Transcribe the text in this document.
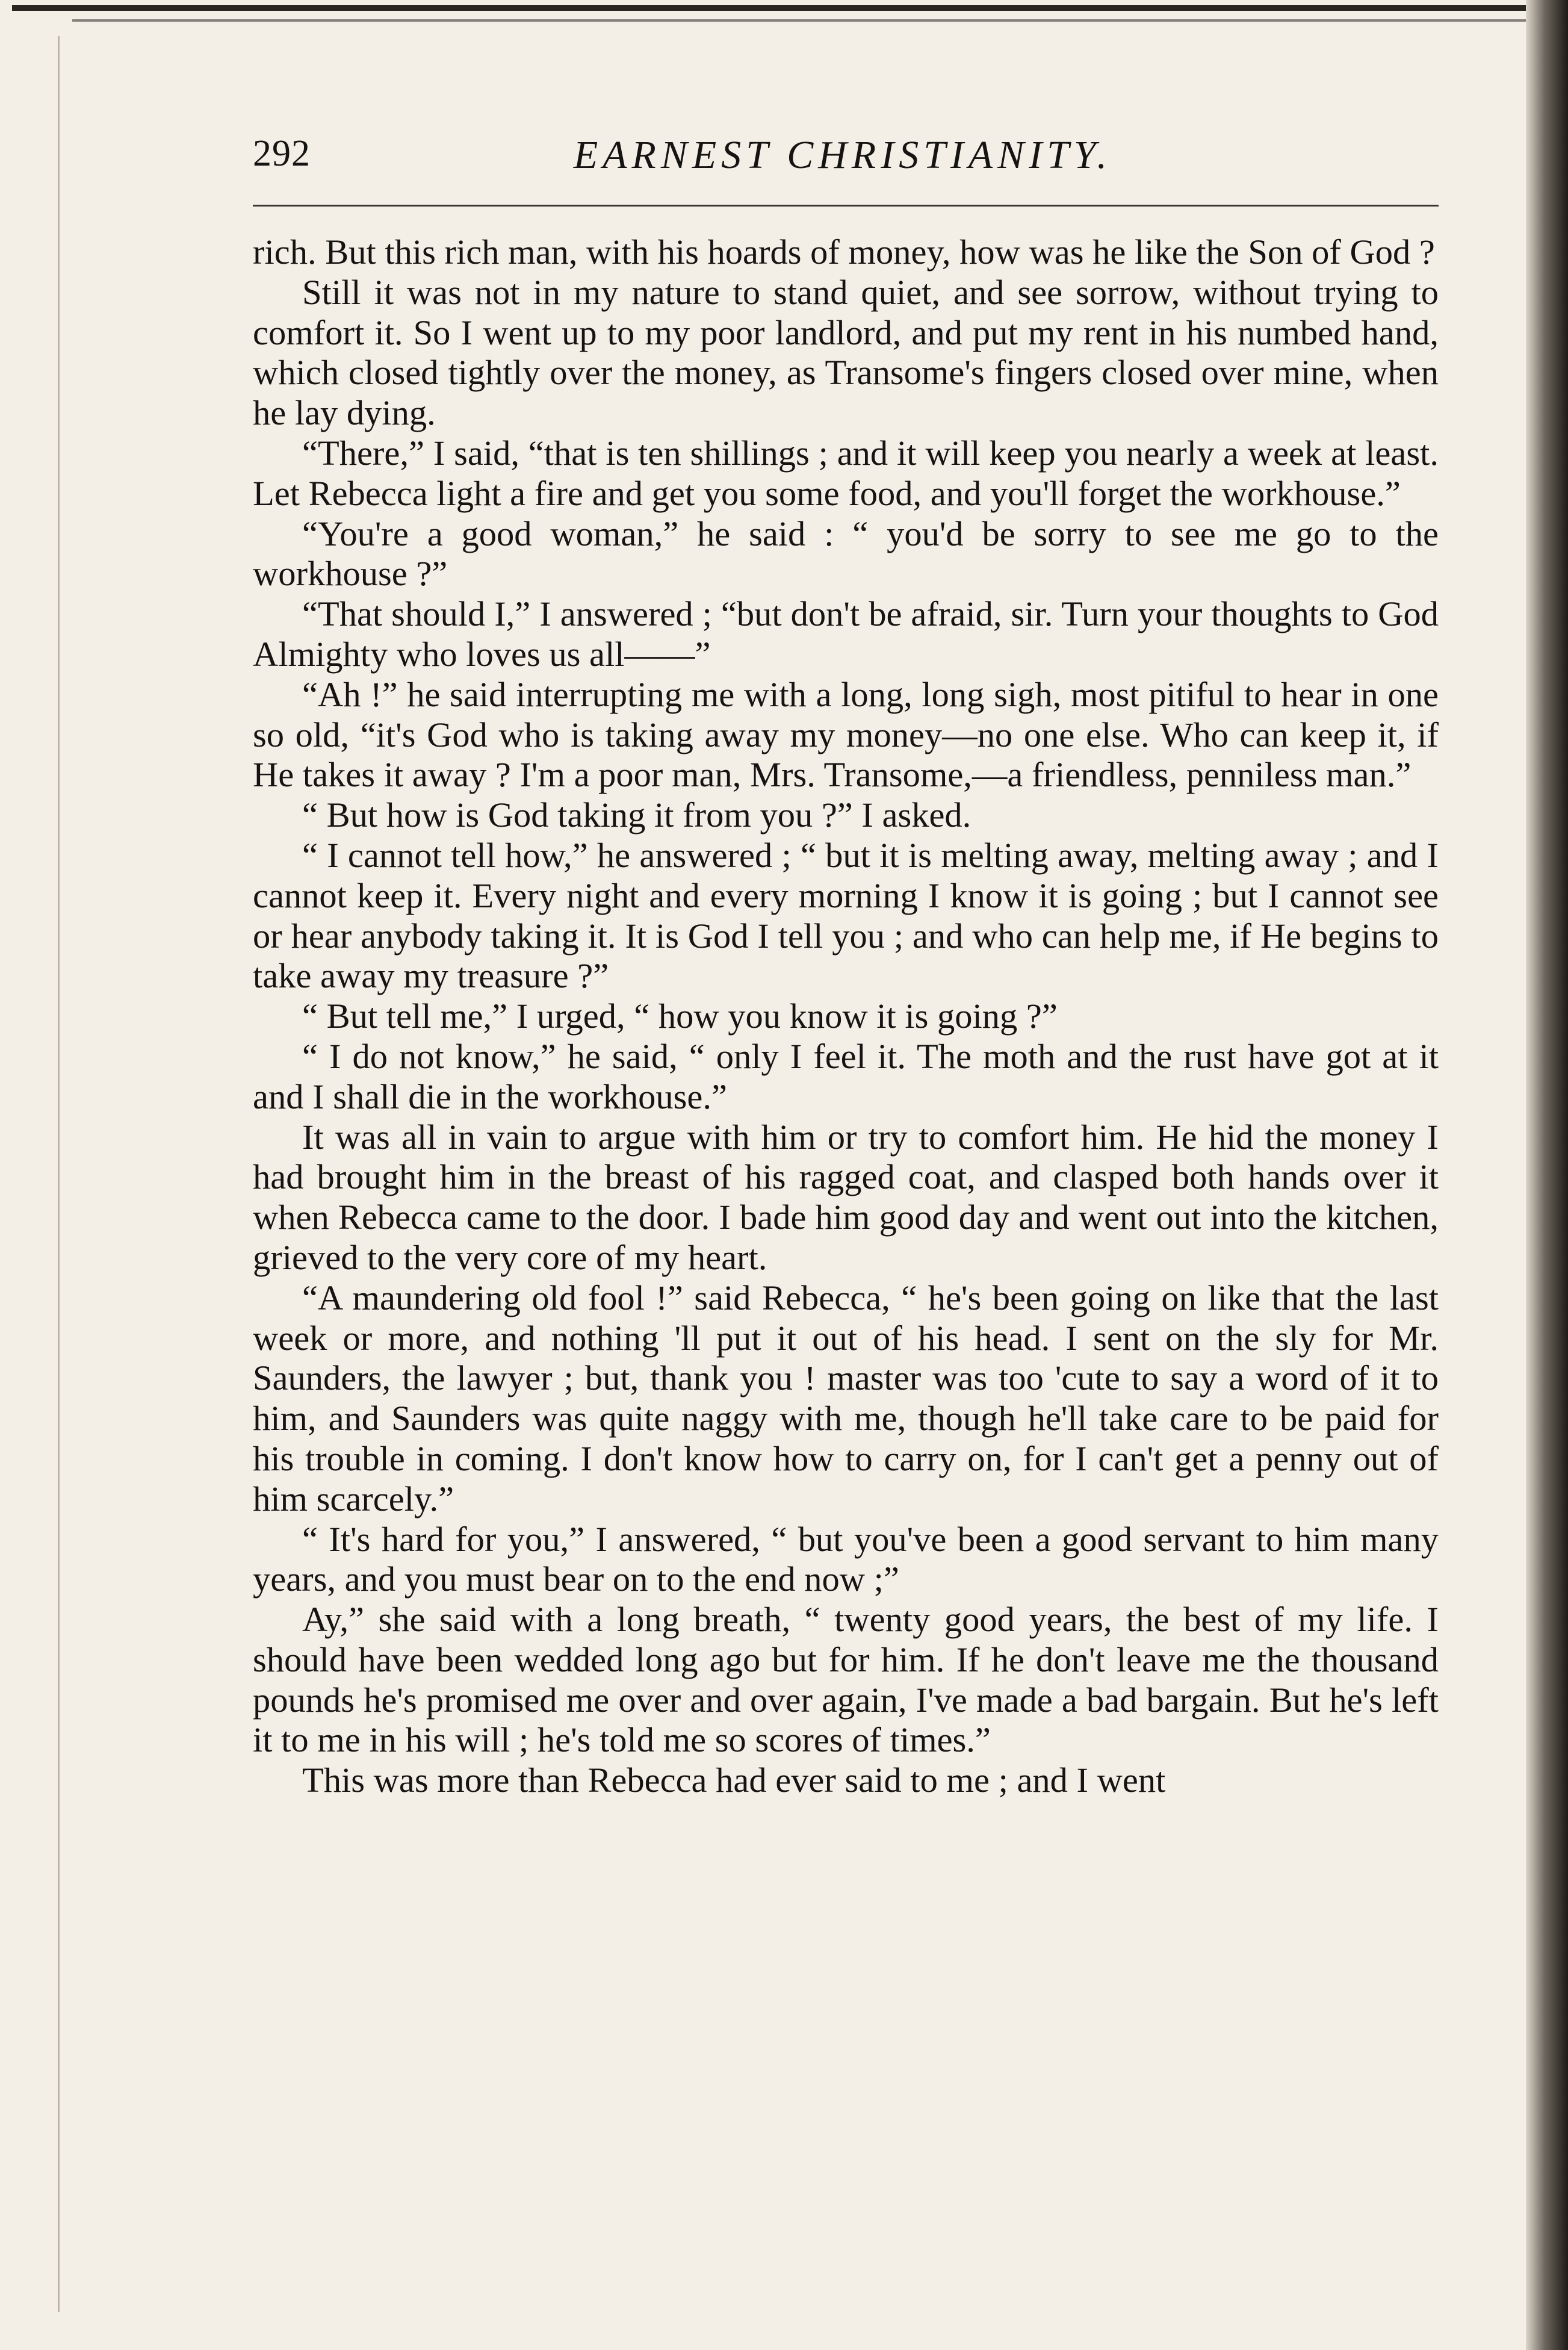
292	EARNEST CHRISTIANITY.

rich. But this rich man, with his hoards of money, how was he like the Son of God ?

Still it was not in my nature to stand quiet, and see sorrow, without trying to comfort it. So I went up to my poor landlord, and put my rent in his numbed hand, which closed tightly over the money, as Transome's fingers closed over mine, when he lay dying.

“There,” I said, “that is ten shillings ; and it will keep you nearly a week at least. Let Rebecca light a fire and get you some food, and you'll forget the workhouse.”

“You're a good woman,” he said : “ you'd be sorry to see me go to the workhouse ?”

“That should I,” I answered ; “but don't be afraid, sir. Turn your thoughts to God Almighty who loves us all——”

“Ah !” he said interrupting me with a long, long sigh, most pitiful to hear in one so old, “it's God who is taking away my money—no one else. Who can keep it, if He takes it away ? I'm a poor man, Mrs. Transome,—a friendless, penniless man.”

“ But how is God taking it from you ?” I asked.

“ I cannot tell how,” he answered ; “ but it is melting away, melting away ; and I cannot keep it. Every night and every morning I know it is going ; but I cannot see or hear anybody taking it. It is God I tell you ; and who can help me, if He begins to take away my treasure ?”

“ But tell me,” I urged, “ how you know it is going ?”

“ I do not know,” he said, “ only I feel it. The moth and the rust have got at it and I shall die in the workhouse.”

It was all in vain to argue with him or try to comfort him. He hid the money I had brought him in the breast of his ragged coat, and clasped both hands over it when Rebecca came to the door. I bade him good day and went out into the kitchen, grieved to the very core of my heart.

“A maundering old fool !” said Rebecca, “ he's been going on like that the last week or more, and nothing 'll put it out of his head. I sent on the sly for Mr. Saunders, the lawyer ; but, thank you ! master was too 'cute to say a word of it to him, and Saunders was quite naggy with me, though he'll take care to be paid for his trouble in coming. I don't know how to carry on, for I can't get a penny out of him scarcely.”

“ It's hard for you,” I answered, “ but you've been a good servant to him many years, and you must bear on to the end now ;”

Ay,” she said with a long breath, “ twenty good years, the best of my life. I should have been wedded long ago but for him. If he don't leave me the thousand pounds he's promised me over and over again, I've made a bad bargain. But he's left it to me in his will ; he's told me so scores of times.”

This was more than Rebecca had ever said to me ; and I went
